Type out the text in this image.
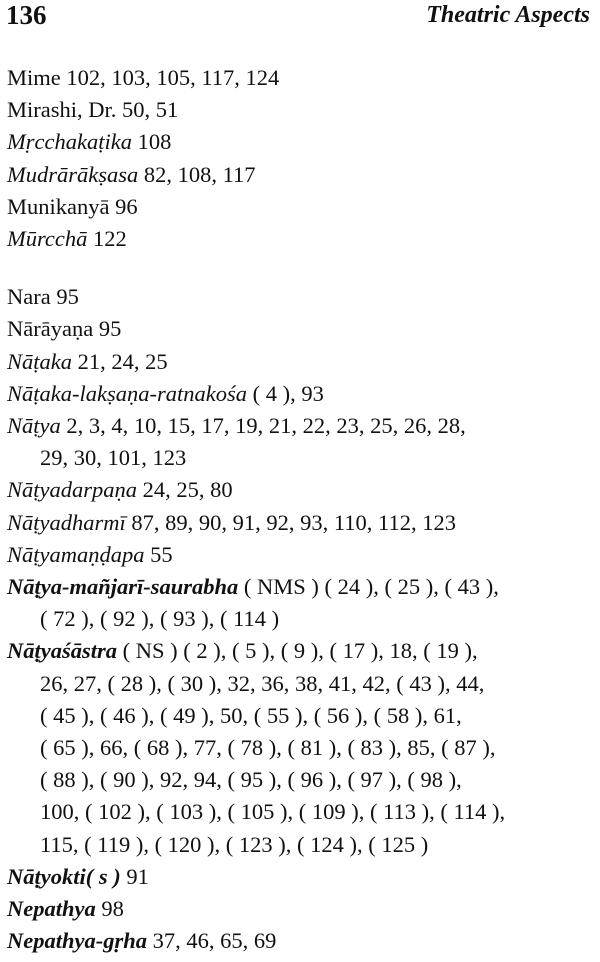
136	Theatric Aspects
Mime 102, 103, 105, 117, 124
Mirashi, Dr. 50, 51
Mṛcchakaṭika 108
Mudrārākṣasa 82, 108, 117
Munikanyā 96
Mūrcchā 122
Nara 95
Nārāyaṇa 95
Nāṭaka 21, 24, 25
Nāṭaka-lakṣaṇa-ratnakośa ( 4 ), 93
Nāṭya 2, 3, 4, 10, 15, 17, 19, 21, 22, 23, 25, 26, 28,
29, 30, 101, 123
Nāṭyadarpaṇa 24, 25, 80
Nāṭyadharmī 87, 89, 90, 91, 92, 93, 110, 112, 123
Nāṭyamaṇḍapa 55
Nāṭya-mañjarī-saurabha ( NMS ) ( 24 ), ( 25 ), ( 43 ),
( 72 ), ( 92 ), ( 93 ), ( 114 )
Nāṭyaśāstra ( NS ) ( 2 ), ( 5 ), ( 9 ), ( 17 ), 18, ( 19 ),
26, 27, ( 28 ), ( 30 ), 32, 36, 38, 41, 42, ( 43 ), 44,
( 45 ), ( 46 ), ( 49 ), 50, ( 55 ), ( 56 ), ( 58 ), 61,
( 65 ), 66, ( 68 ), 77, ( 78 ), ( 81 ), ( 83 ), 85, ( 87 ),
( 88 ), ( 90 ), 92, 94, ( 95 ), ( 96 ), ( 97 ), ( 98 ),
100, ( 102 ), ( 103 ), ( 105 ), ( 109 ), ( 113 ), ( 114 ),
115, ( 119 ), ( 120 ), ( 123 ), ( 124 ), ( 125 )
Nāṭyokti( s ) 91
Nepathya 98
Nepathya-gṛha 37, 46, 65, 69
